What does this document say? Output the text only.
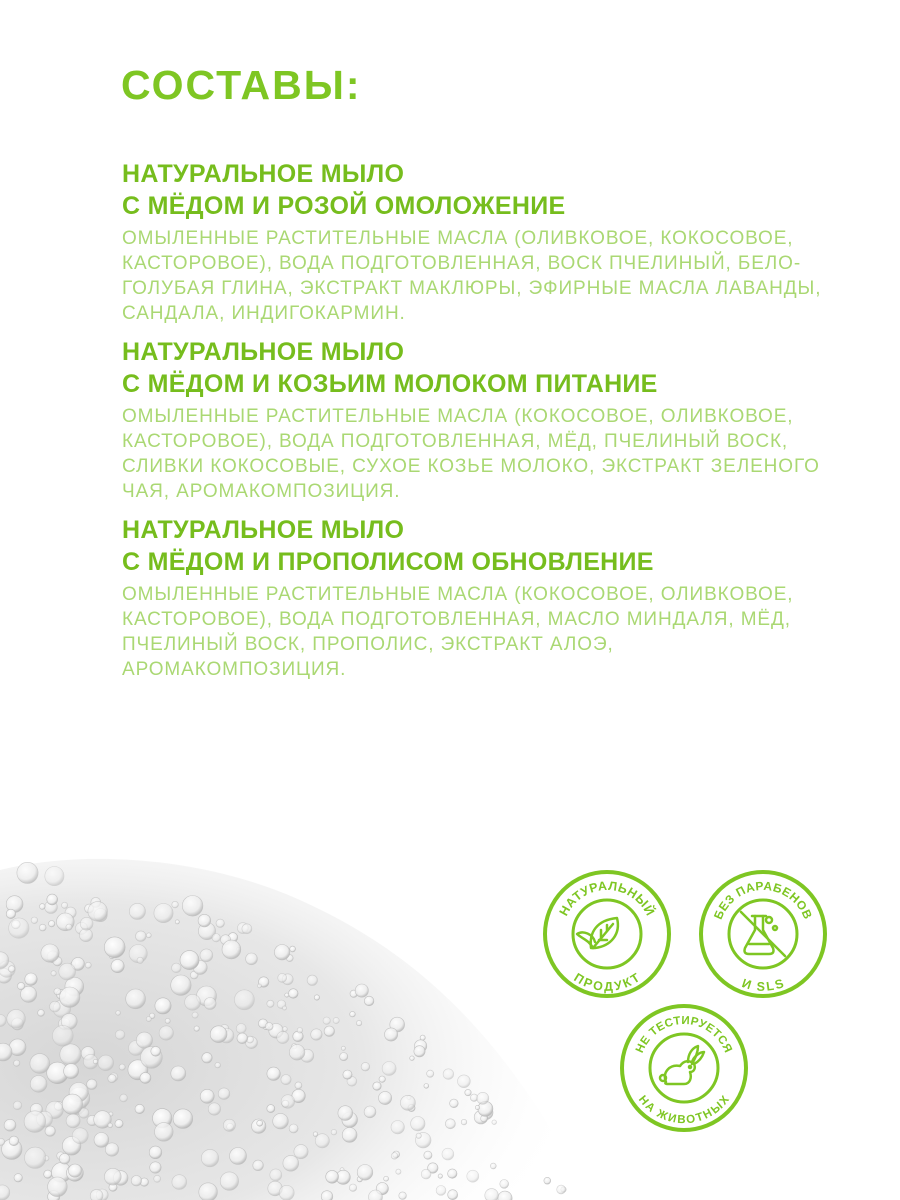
СОСТАВЫ:
НАТУРАЛЬНОЕ МЫЛО
С МЁДОМ И РОЗОЙ ОМОЛОЖЕНИЕ

ОМЫЛЕННЫЕ РАСТИТЕЛЬНЫЕ МАСЛА (ОЛИВКОВОЕ, КОКОСОВОЕ, КАСТОРОВОЕ), ВОДА ПОДГОТОВЛЕННАЯ, ВОСК ПЧЕЛИНЫЙ, БЕЛО-ГОЛУБАЯ ГЛИНА, ЭКСТРАКТ МАКЛЮРЫ, ЭФИРНЫЕ МАСЛА ЛАВАНДЫ, САНДАЛА, ИНДИГОКАРМИН.

НАТУРАЛЬНОЕ МЫЛО
С МЁДОМ И КОЗЬИМ МОЛОКОМ ПИТАНИЕ

ОМЫЛЕННЫЕ РАСТИТЕЛЬНЫЕ МАСЛА (КОКОСОВОЕ, ОЛИВКОВОЕ, КАСТОРОВОЕ), ВОДА ПОДГОТОВЛЕННАЯ, МЁД, ПЧЕЛИНЫЙ ВОСК, СЛИВКИ КОКОСОВЫЕ, СУХОЕ КОЗЬЕ МОЛОКО, ЭКСТРАКТ ЗЕЛЕНОГО ЧАЯ, АРОМАКОМПОЗИЦИЯ.

НАТУРАЛЬНОЕ МЫЛО
С МЁДОМ И ПРОПОЛИСОМ ОБНОВЛЕНИЕ

ОМЫЛЕННЫЕ РАСТИТЕЛЬНЫЕ МАСЛА (КОКОСОВОЕ, ОЛИВКОВОЕ, КАСТОРОВОЕ), ВОДА ПОДГОТОВЛЕННАЯ, МАСЛО МИНДАЛЯ, МЁД, ПЧЕЛИНЫЙ ВОСК, ПРОПОЛИС, ЭКСТРАКТ АЛОЭ, АРОМАКОМПОЗИЦИЯ.

НАТУРАЛЬНЫЙ
ПРОДУКТ
БЕЗ ПАРАБЕНОВ
И SLS
НЕ ТЕСТИРУЕТСЯ
НА ЖИВОТНЫХ
